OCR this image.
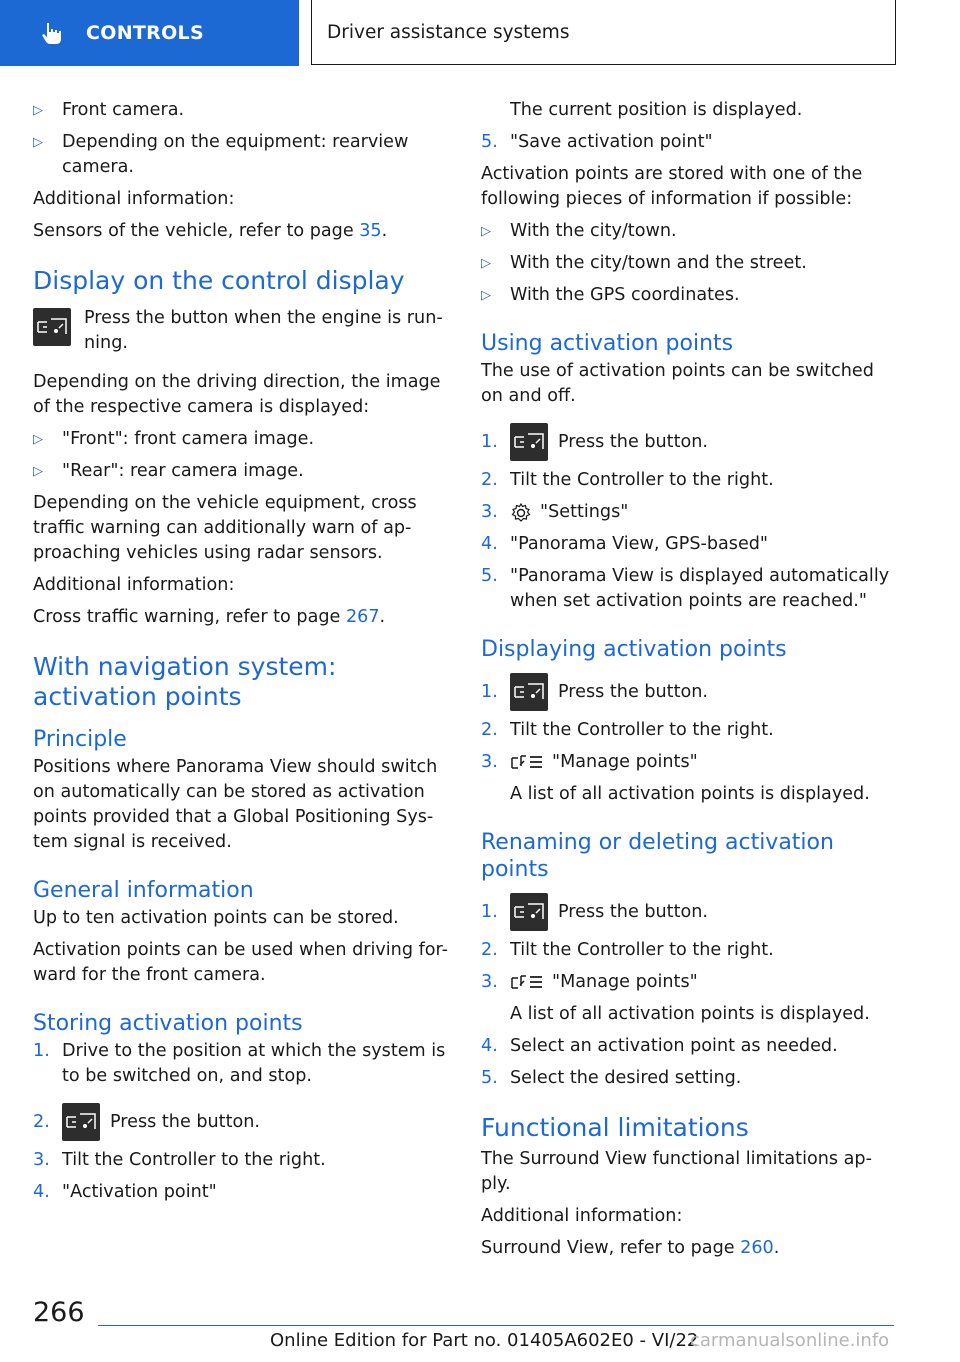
CONTROLS	Driver assistance systems
▷	Front camera.
▷	Depending on the equipment: rearview camera.

Additional information:

Sensors of the vehicle, refer to page 35.

Display on the control display

Press the button when the engine is run-ning.

Depending on the driving direction, the image of the respective camera is displayed:

▷	"Front": front camera image.
▷	"Rear": rear camera image.

Depending on the vehicle equipment, cross traffic warning can additionally warn of ap-proaching vehicles using radar sensors.

Additional information:

Cross traffic warning, refer to page 267.

With navigation system: activation points
Principle

Positions where Panorama View should switch on automatically can be stored as activation points provided that a Global Positioning Sys-tem signal is received.

General information

Up to ten activation points can be stored.

Activation points can be used when driving for-ward for the front camera.

Storing activation points
1. Drive to the position at which the system is to be switched on, and stop.
2.	Press the button.
3. Tilt the Controller to the right.
4. "Activation point"

The current position is displayed.

5. "Save activation point"

Activation points are stored with one of the following pieces of information if possible:

▷	With the city/town.
▷	With the city/town and the street.
▷	With the GPS coordinates.
Using activation points

The use of activation points can be switched on and off.

1.	Press the button.
2. Tilt the Controller to the right.
3.	"Settings"
4. "Panorama View, GPS-based"
5. "Panorama View is displayed automatically when set activation points are reached."
Displaying activation points
1.	Press the button.
2. Tilt the Controller to the right.
3.	"Manage points"

A list of all activation points is displayed.

Renaming or deleting activation points
1.	Press the button.
2. Tilt the Controller to the right.
3.	"Manage points"

A list of all activation points is displayed.

4. Select an activation point as needed.
5. Select the desired setting.
Functional limitations

The Surround View functional limitations ap-ply.

Additional information:

Surround View, refer to page 260.

266
Online Edition for Part no. 01405A602E0 - VI/22
carmanualsonline.info
